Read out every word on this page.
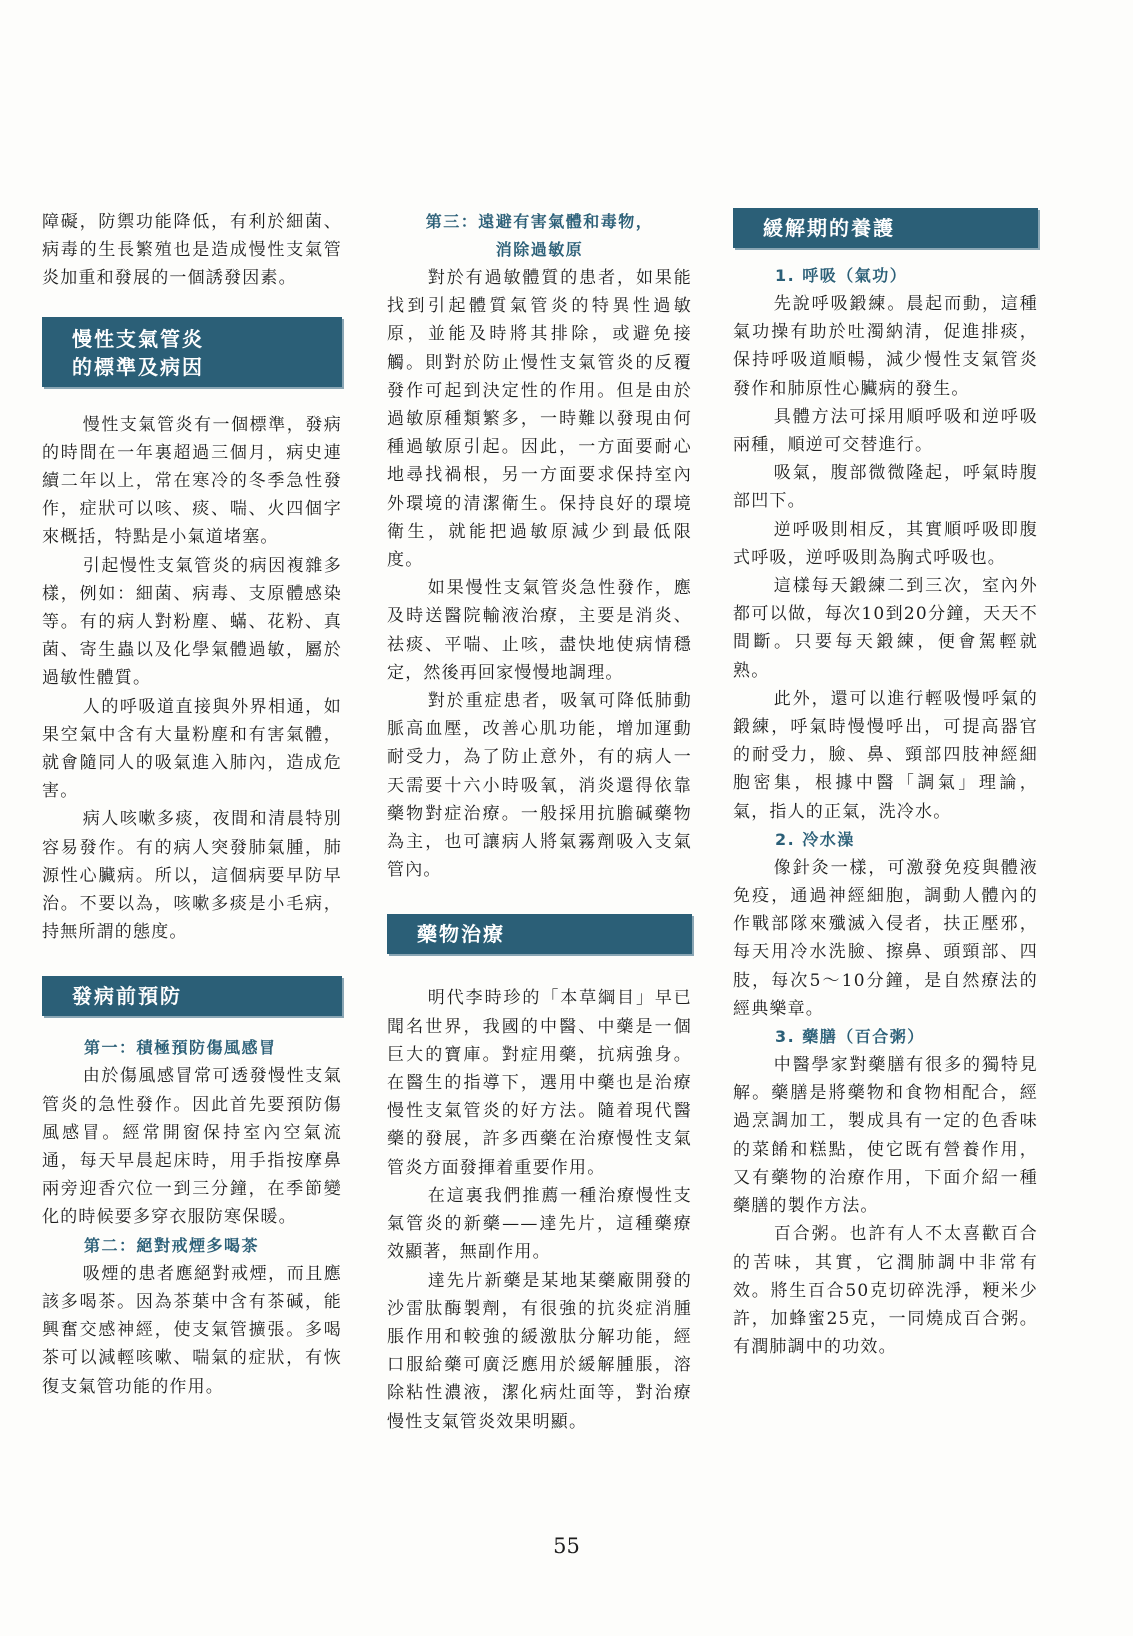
障礙，防禦功能降低，有利於細菌、病毒的生長繁殖也是造成慢性支氣管炎加重和發展的一個誘發因素。

慢性支氣管炎
的標準及病因

慢性支氣管炎有一個標準，發病的時間在一年裏超過三個月，病史連續二年以上，常在寒冷的冬季急性發作，症狀可以咳、痰、喘、火四個字來概括，特點是小氣道堵塞。

引起慢性支氣管炎的病因複雜多樣，例如：細菌、病毒、支原體感染等。有的病人對粉塵、蟎、花粉、真菌、寄生蟲以及化學氣體過敏，屬於過敏性體質。

人的呼吸道直接與外界相通，如果空氣中含有大量粉塵和有害氣體，就會隨同人的吸氣進入肺內，造成危害。

病人咳嗽多痰，夜間和清晨特別容易發作。有的病人突發肺氣腫，肺源性心臟病。所以，這個病要早防早治。不要以為，咳嗽多痰是小毛病，持無所謂的態度。

發病前預防
第一：積極預防傷風感冒

由於傷風感冒常可透發慢性支氣管炎的急性發作。因此首先要預防傷風感冒。經常開窗保持室內空氣流通，每天早晨起床時，用手指按摩鼻兩旁迎香穴位一到三分鐘，在季節變化的時候要多穿衣服防寒保暖。

第二：絕對戒煙多喝茶

吸煙的患者應絕對戒煙，而且應該多喝茶。因為茶葉中含有茶碱，能興奮交感神經，使支氣管擴張。多喝茶可以減輕咳嗽、喘氣的症狀，有恢復支氣管功能的作用。

第三：遠避有害氣體和毒物，
消除過敏原

對於有過敏體質的患者，如果能找到引起體質氣管炎的特異性過敏原，並能及時將其排除，或避免接觸。則對於防止慢性支氣管炎的反覆發作可起到決定性的作用。但是由於過敏原種類繁多，一時難以發現由何種過敏原引起。因此，一方面要耐心地尋找禍根，另一方面要求保持室內外環境的清潔衛生。保持良好的環境衛生，就能把過敏原減少到最低限度。

如果慢性支氣管炎急性發作，應及時送醫院輸液治療，主要是消炎、祛痰、平喘、止咳，盡快地使病情穩定，然後再回家慢慢地調理。

對於重症患者，吸氧可降低肺動脈高血壓，改善心肌功能，增加運動耐受力，為了防止意外，有的病人一天需要十六小時吸氧，消炎還得依靠藥物對症治療。一般採用抗膽碱藥物為主，也可讓病人將氣霧劑吸入支氣管內。

藥物治療

明代李時珍的「本草綱目」早已聞名世界，我國的中醫、中藥是一個巨大的寶庫。對症用藥，抗病強身。在醫生的指導下，選用中藥也是治療慢性支氣管炎的好方法。隨着現代醫藥的發展，許多西藥在治療慢性支氣管炎方面發揮着重要作用。

在這裏我們推薦一種治療慢性支氣管炎的新藥——達先片，這種藥療效顯著，無副作用。

達先片新藥是某地某藥廠開發的沙雷肽酶製劑，有很強的抗炎症消腫脹作用和較強的緩激肽分解功能，經口服給藥可廣泛應用於緩解腫脹，溶除粘性濃液，潔化病灶面等，對治療慢性支氣管炎效果明顯。

緩解期的養護
1. 呼吸（氣功）

先說呼吸鍛練。晨起而動，這種氣功操有助於吐濁納清，促進排痰，保持呼吸道順暢，減少慢性支氣管炎發作和肺原性心臟病的發生。

具體方法可採用順呼吸和逆呼吸兩種，順逆可交替進行。

吸氣，腹部微微隆起，呼氣時腹部凹下。

逆呼吸則相反，其實順呼吸即腹式呼吸，逆呼吸則為胸式呼吸也。

這樣每天鍛練二到三次，室內外都可以做，每次10到20分鐘，天天不間斷。只要每天鍛練，便會駕輕就熟。

此外，還可以進行輕吸慢呼氣的鍛練，呼氣時慢慢呼出，可提高器官的耐受力，臉、鼻、頸部四肢神經細胞密集，根據中醫「調氣」理論，氣，指人的正氣，洗冷水。

2. 冷水澡

像針灸一樣，可激發免疫與體液免疫，通過神經細胞，調動人體內的作戰部隊來殲滅入侵者，扶正壓邪，每天用冷水洗臉、擦鼻、頭頸部、四肢，每次5～10分鐘，是自然療法的經典樂章。

3. 藥膳（百合粥）

中醫學家對藥膳有很多的獨特見解。藥膳是將藥物和食物相配合，經過烹調加工，製成具有一定的色香味的菜餚和糕點，使它既有營養作用，又有藥物的治療作用，下面介紹一種藥膳的製作方法。

百合粥。也許有人不太喜歡百合的苦味，其實，它潤肺調中非常有效。將生百合50克切碎洗淨，粳米少許，加蜂蜜25克，一同燒成百合粥。有潤肺調中的功效。

55
